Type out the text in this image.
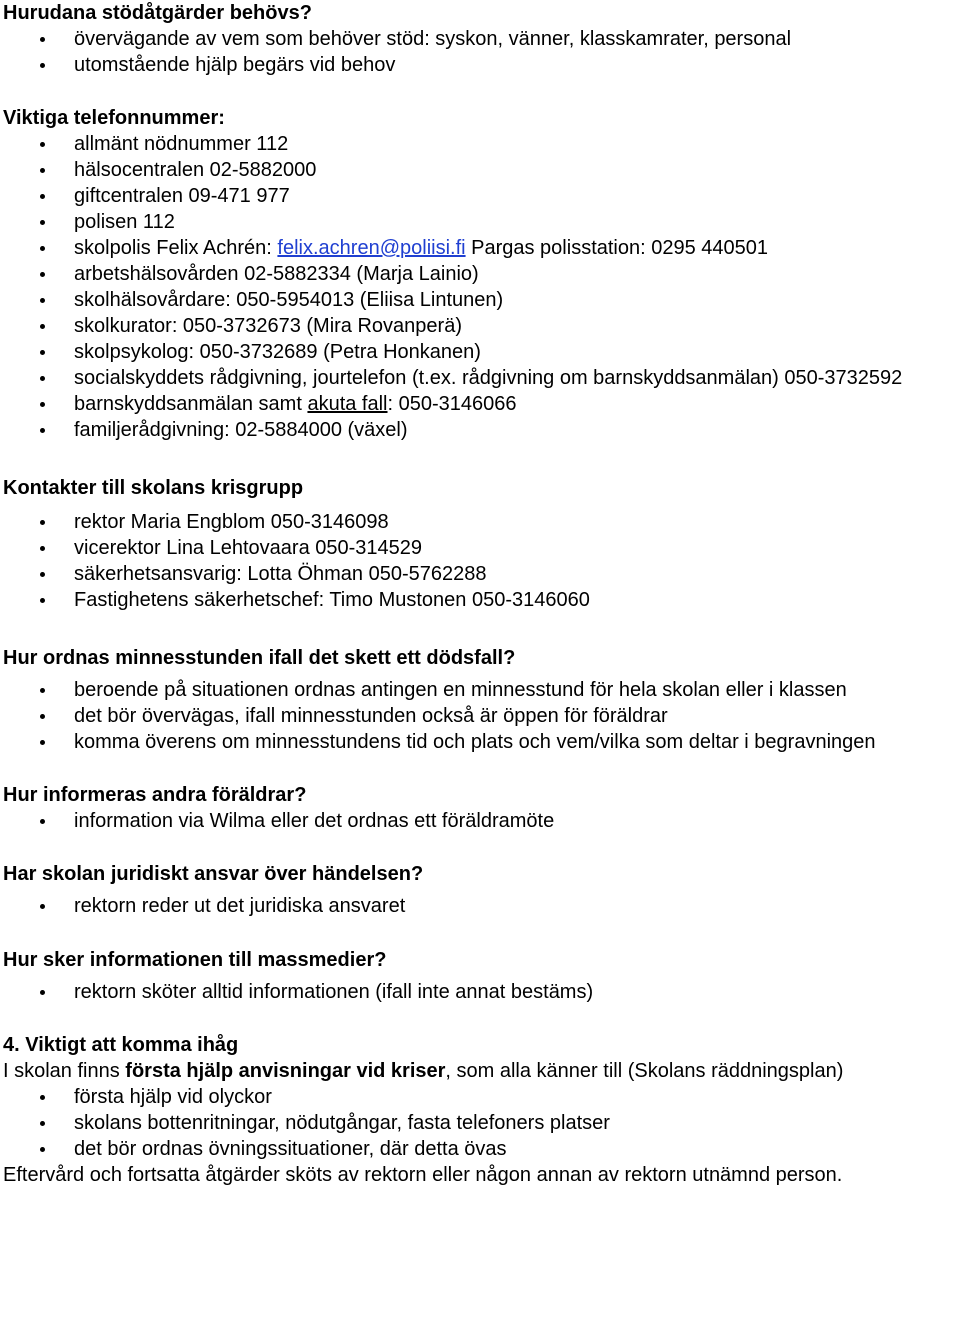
Hurudana stödåtgärder behövs?
övervägande av vem som behöver stöd: syskon, vänner, klasskamrater, personal
utomstående hjälp begärs vid behov
Viktiga telefonnummer:
allmänt nödnummer 112
hälsocentralen 02-5882000
giftcentralen 09-471 977
polisen 112
skolpolis Felix Achrén: felix.achren@poliisi.fi Pargas polisstation: 0295 440501
arbetshälsovården 02-5882334 (Marja Lainio)
skolhälsovårdare: 050-5954013 (Eliisa Lintunen)
skolkurator: 050-3732673 (Mira Rovanperä)
skolpsykolog: 050-3732689 (Petra Honkanen)
socialskyddets rådgivning, jourtelefon (t.ex. rådgivning om barnskyddsanmälan) 050-3732592
barnskyddsanmälan samt akuta fall: 050-3146066
familjerådgivning: 02-5884000 (växel)
Kontakter till skolans krisgrupp
rektor Maria Engblom 050-3146098
vicerektor Lina Lehtovaara 050-314529
säkerhetsansvarig: Lotta Öhman 050-5762288
Fastighetens säkerhetschef: Timo Mustonen 050-3146060
Hur ordnas minnesstunden ifall det skett ett dödsfall?
beroende på situationen ordnas antingen en minnesstund för hela skolan eller i klassen
det bör övervägas, ifall minnesstunden också är öppen för föräldrar
komma överens om minnesstundens tid och plats och vem/vilka som deltar i begravningen
Hur informeras andra föräldrar?
information via Wilma eller det ordnas ett föräldramöte
Har skolan juridiskt ansvar över händelsen?
rektorn reder ut det juridiska ansvaret
Hur sker informationen till massmedier?
rektorn sköter alltid informationen (ifall inte annat bestäms)
4. Viktigt att komma ihåg

I skolan finns första hjälp anvisningar vid kriser, som alla känner till (Skolans räddningsplan)

första hjälp vid olyckor
skolans bottenritningar, nödutgångar, fasta telefoners platser
det bör ordnas övningssituationer, där detta övas

Eftervård och fortsatta åtgärder sköts av rektorn eller någon annan av rektorn utnämnd person.
